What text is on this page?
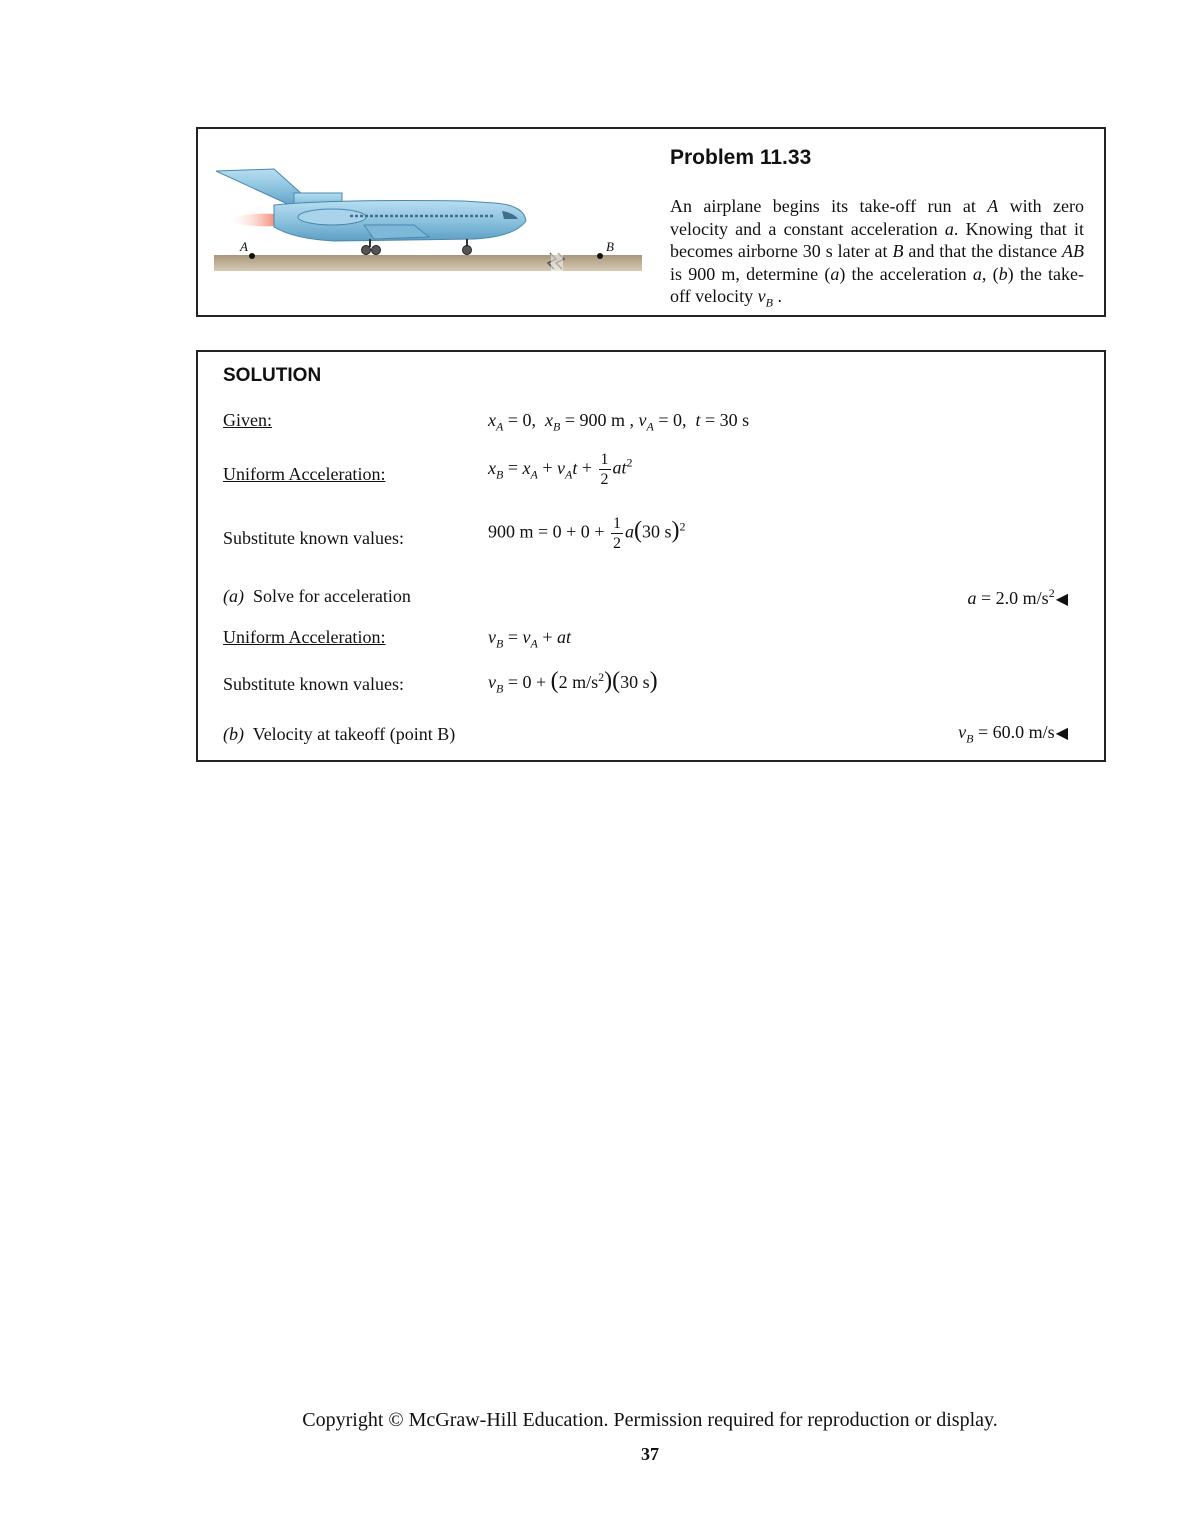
A	B
Problem 11.33
An airplane begins its take-off run at A with zero velocity and a constant acceleration a. Knowing that it becomes airborne 30 s later at B and that the distance AB is 900 m, determine (a) the acceleration a, (b) the take-off velocity $v_B$ .
SOLUTION
Given:	$x_A = 0$,  $x_B = 900$ m , $v_A = 0$,  t = 30 s
Uniform Acceleration:	$x_B = x_A + v_At + \frac{1}{2} at^2$
Substitute known values:	900 $m = 0 + 0 + \frac{1}{2} a(30$ s)$^2$
(a) Solve for acceleration	a = 2.0 $m/s^2◀$
Uniform Acceleration:	$v_B = v_A$ + at
Substitute known values:	$v_B = 0 + (2$ $m/s^2)(30$ s)
(b) Velocity at takeoff (point B)	$v_B = 60.0$ m/s◀
Copyright © McGraw-Hill Education. Permission required for reproduction or display.
37
